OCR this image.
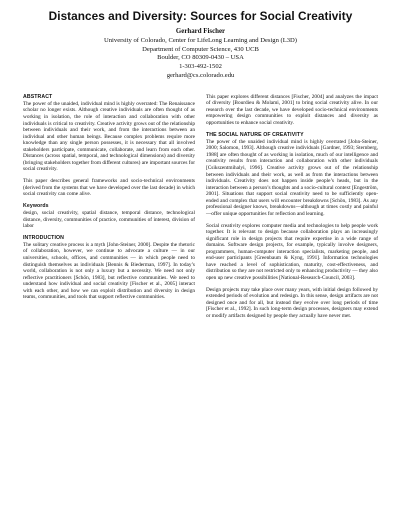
Distances and Diversity: Sources for Social Creativity
Gerhard Fischer
University of Colorado, Center for LifeLong Learning and Design (L3D)
Department of Computer Science, 430 UCB
Boulder, CO 80309-0430 – USA
1-303-492-1502
gerhard@cs.colorado.edu
ABSTRACT

The power of the unaided, individual mind is highly overrated: The Renaissance scholar no longer exists. Although creative individuals are often thought of as working in isolation, the role of interaction and collaboration with other individuals is critical to creativity. Creative activity grows out of the relationship between individuals and their work, and from the interactions between an individual and other human beings. Because complex problems require more knowledge than any single person possesses, it is necessary that all involved stakeholders participate, communicate, collaborate, and learn from each other. Distances (across spatial, temporal, and technological dimensions) and diversity (bringing stakeholders together from different cultures) are important sources for social creativity.

This paper describes general frameworks and socio-technical environments (derived from the systems that we have developed over the last decade) in which social creativity can come alive.

Keywords

design, social creativity, spatial distance, temporal distance, technological distance, diversity, communities of practice, communities of interest, division of labor

INTRODUCTION

The solitary creative process is a myth [John-Steiner, 2000]. Despite the rhetoric of collaboration, however, we continue to advocate a culture — in our universities, schools, offices, and communities — in which people need to distinguish themselves as individuals [Bennis & Biederman, 1997]. In today’s world, collaboration is not only a luxury but a necessity. We need not only reflective practitioners [Schön, 1983], but reflective communities. We need to understand how individual and social creativity [Fischer et al., 2005] interact with each other, and how we can exploit distribution and diversity in design teams, communities, and tools that support reflective communities.

This paper explores different distances [Fischer, 2004] and analyzes the impact of diversity [Bourdieu & Molami, 2001] to bring social creativity alive. In our research over the last decade, we have developed socio-technical environments empowering design communities to exploit distances and diversity as opportunities to enhance social creativity.

THE SOCIAL NATURE OF CREATIVITY

The power of the unaided individual mind is highly overrated [John-Steiner, 2000; Salomon, 1993]. Although creative individuals [Gardner, 1993; Sternberg, 1988] are often thought of as working in isolation, much of our intelligence and creativity results from interaction and collaboration with other individuals [Csikszentmihalyi, 1996]. Creative activity grows out of the relationship between individuals and their work, as well as from the interactions between individuals. Creativity does not happen inside people’s heads, but in the interaction between a person’s thoughts and a socio-cultural context [Engeström, 2001]. Situations that support social creativity need to be sufficiently open-ended and complex that users will encounter breakdowns [Schön, 1983]. As any professional designer knows, breakdowns—although at times costly and painful—offer unique opportunities for reflection and learning.

Social creativity explores computer media and technologies to help people work together. It is relevant to design because collaboration plays an increasingly significant role in design projects that require expertise in a wide range of domains. Software design projects, for example, typically involve designers, programmers, human-computer interaction specialists, marketing people, and end-user participants [Greenbaum & Kyng, 1991]. Information technologies have reached a level of sophistication, maturity, cost-effectiveness, and distribution so they are not restricted only to enhancing productivity — they also open up new creative possibilities [National-Research-Council, 2003].

Design projects may take place over many years, with initial design followed by extended periods of evolution and redesign. In this sense, design artifacts are not designed once and for all, but instead they evolve over long periods of time [Fischer et al., 1992]. In such long-term design processes, designers may extend or modify artifacts designed by people they actually have never met.
